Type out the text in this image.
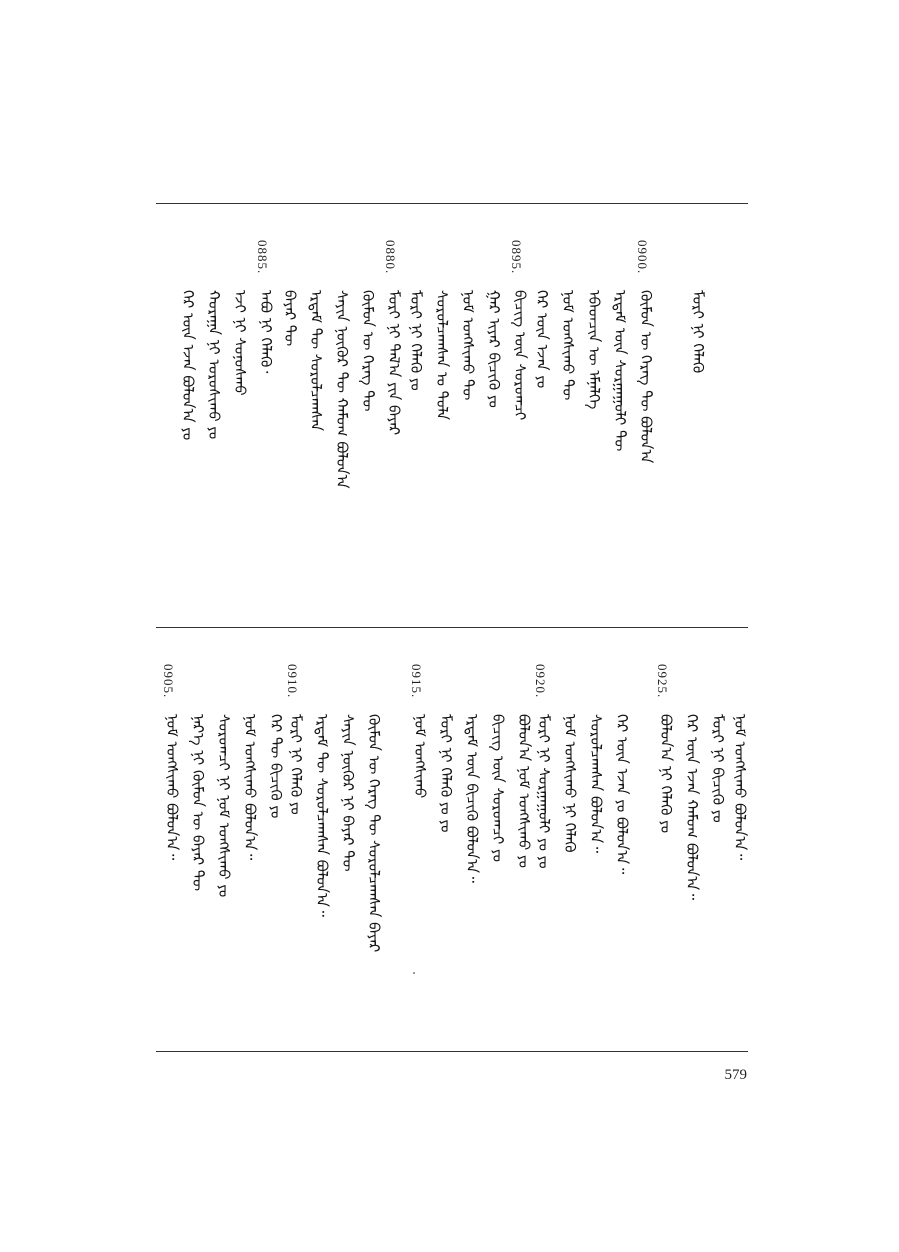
0885.
ᠠᠪᠤ ᠨᠢ ᠬᠡᠯᠡᠬᠦ᠂
ᠡᠵᠢ ᠨᠢ ᠰᠣᠨᠣᠰᠬᠤ
ᠬᠤᠷᠠᠭᠠ ᠨᠢ ᠣᠷᠣᠰᠢᠬᠤ ᠶᠤ
ᠭᠡᠷ ᠦᠨ ᠡᠵᠡᠨ ᠪᠣᠯᠤᠨ᠎ᠠ ᠶᠤ
0880.
ᠮᠣᠷᠢ ᠨᠢ ᠲᠠᠯ᠎ᠠ ᠶᠢᠨ ᠪᠠᠶᠠᠷ
ᠬᠦᠮᠦᠨ ᠦ ᠬᠡᠷᠡᠭ ᠲᠦ
ᠰᠠᠶᠢᠨ ᠨᠥᠬᠦᠷ ᠲᠦ ᠬᠠᠮᠤᠭ ᠪᠣᠯᠤᠨ᠎ᠠ
ᠡᠷᠳᠡᠮ ᠲᠦ ᠰᠤᠷᠤᠯᠴᠠᠭᠰᠠᠨ
ᠪᠠᠶᠠᠷ ᠲᠦ
0895.
ᠪᠢᠴᠢᠭ ᠦᠨ ᠰᠤᠷᠤᠭᠴᠢ
ᠭᠠᠷ ᠢᠶᠠᠷ ᠪᠢᠴᠢᠬᠦ ᠶᠤ
ᠨᠣᠮ ᠤᠩᠰᠢᠬᠤ ᠲᠦ
ᠰᠤᠷᠤᠯᠴᠠᠭᠰᠠᠨ ᠤ ᠲᠤᠯᠠ
ᠮᠣᠷᠢ ᠨᠢ ᠬᠡᠯᠡᠬᠦ ᠶᠤ
0900.
ᠬᠦᠮᠦᠨ ᠦ ᠬᠡᠷᠡᠭ ᠲᠦ ᠪᠣᠯᠤᠨ᠎ᠠ
ᠡᠷᠳᠡᠮ ᠦᠨ ᠰᠤᠷᠭᠠᠭᠤᠯᠢ ᠲᠦ
ᠡᠪᠡᠳᠴᠢᠨ ᠦ ᠡᠮᠨᠡᠯᠭᠡ
ᠨᠣᠮ ᠤᠩᠰᠢᠬᠤ ᠲᠦ
ᠭᠡᠷ ᠦᠨ ᠡᠵᠡᠨ ᠶᠤ	ᠮᠣᠷᠢ ᠨᠢ ᠬᠡᠯᠡᠬᠦ
0905.
ᠨᠣᠮ ᠤᠩᠰᠢᠬᠤ ᠪᠣᠯᠤᠨ᠎ᠠ᠃ ᠨᠡᠷ᠎ᠡ ᠨᠢ ᠬᠦᠮᠦᠨ ᠦ ᠪᠠᠶᠠᠷ ᠲᠦ ᠰᠤᠷᠤᠭᠴᠢ ᠨᠢ ᠨᠣᠮ ᠤᠩᠰᠢᠬᠤ ᠶᠤ ᠨᠣᠮ ᠤᠩᠰᠢᠬᠤ ᠪᠣᠯᠤᠨ᠎ᠠ᠃ ᠭᠡᠷ ᠲᠦ ᠪᠢᠴᠢᠬᠦ ᠶᠤ
0910.
ᠮᠣᠷᠢ ᠨᠢ ᠬᠡᠯᠡᠬᠦ ᠶᠤ ᠡᠷᠳᠡᠮ ᠲᠦ ᠰᠤᠷᠤᠯᠴᠠᠭᠰᠠᠨ ᠪᠣᠯᠤᠨ᠎ᠠ᠃ ᠰᠠᠶᠢᠨ ᠨᠥᠬᠦᠷ ᠨᠢ ᠪᠠᠶᠠᠷ ᠲᠦ ᠬᠦᠮᠦᠨ ᠦ ᠬᠡᠷᠡᠭ ᠲᠦ ᠰᠤᠷᠤᠯᠴᠠᠭᠰᠠᠨ ᠪᠠᠶᠠᠷ
0915.
ᠨᠣᠮ ᠤᠩᠰᠢᠬᠤ ᠮᠣᠷᠢ ᠨᠢ ᠬᠡᠯᠡᠬᠦ ᠶᠤ ᠶᠤ ᠡᠷᠳᠡᠮ ᠦᠨ ᠪᠢᠴᠢᠬᠦ ᠪᠣᠯᠤᠨ᠎ᠠ᠃ ᠪᠢᠴᠢᠭ ᠦᠨ ᠰᠤᠷᠤᠭᠴᠢ ᠶᠤ ᠪᠣᠯᠤᠨ᠎ᠠ ᠨᠣᠮ ᠤᠩᠰᠢᠬᠤ ᠶᠤ
0920.
ᠮᠣᠷᠢ ᠨᠢ ᠰᠤᠷᠭᠠᠭᠤᠯᠢ ᠶᠤ ᠶᠤ ᠨᠣᠮ ᠤᠩᠰᠢᠬᠤ ᠨᠢ ᠬᠡᠯᠡᠬᠦ ᠰᠤᠷᠤᠯᠴᠠᠭᠰᠠᠨ ᠪᠣᠯᠤᠨ᠎ᠠ᠃ ᠭᠡᠷ ᠦᠨ ᠡᠵᠡᠨ ᠶᠤ ᠪᠣᠯᠤᠨ᠎ᠠ᠃
0925.
ᠪᠣᠯᠤᠨ᠎ᠠ ᠨᠢ ᠬᠡᠯᠡᠬᠦ ᠶᠤ ᠭᠡᠷ ᠦᠨ ᠡᠵᠡᠨ ᠬᠠᠮᠤᠭ ᠪᠣᠯᠤᠨ᠎ᠠ᠃ ᠮᠣᠷᠢ ᠨᠢ ᠪᠢᠴᠢᠬᠦ ᠶᠤ ᠨᠣᠮ ᠤᠩᠰᠢᠬᠤ ᠪᠣᠯᠤᠨ᠎ᠠ᠃
579
